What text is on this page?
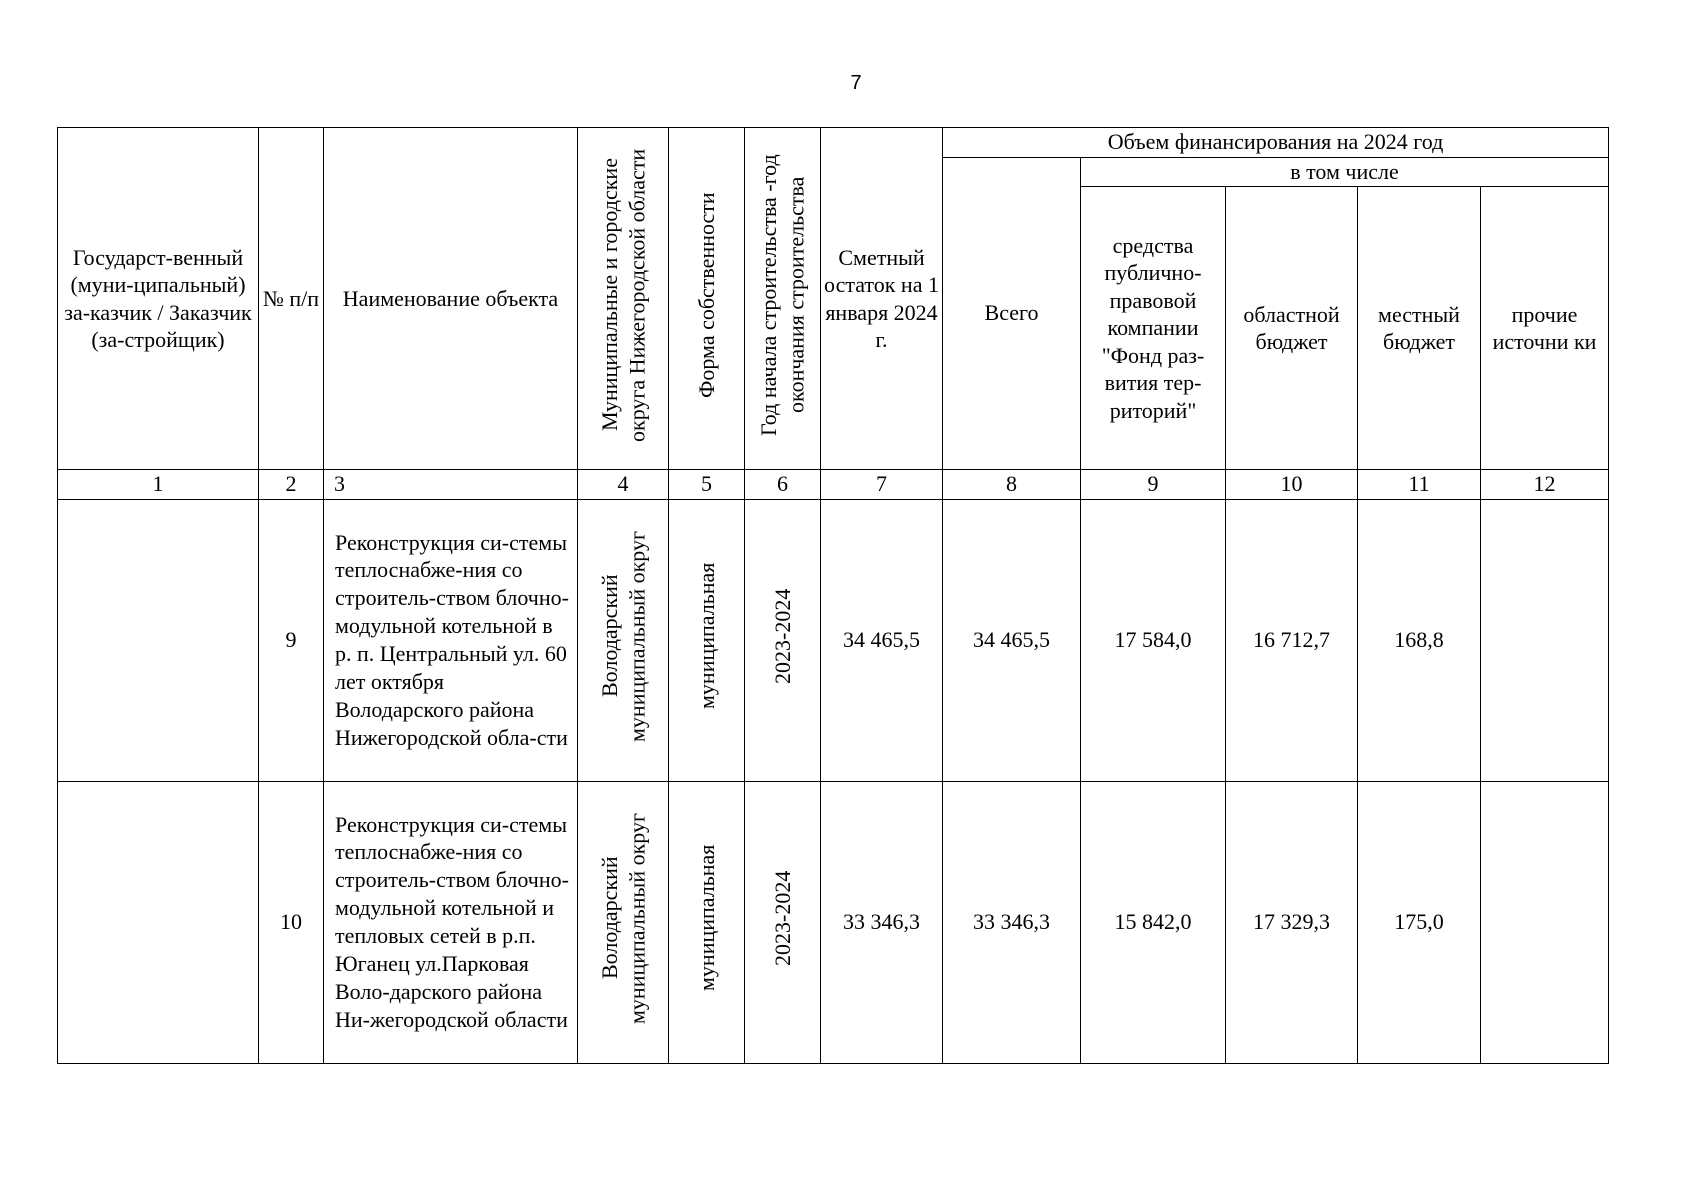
7
Государст-венный (муни-ципальный) за-казчик / Заказчик (за-стройщик)	№ п/п	Наименование объекта	Муниципальные и городские округа Нижегородской области	Форма собственности	Год начала строительства -год окончания строительства	Сметный остаток на 1 января 2024 г.	Объем финансирования на 2024 год				
							Всего	в том числе			
								средства публично-правовой компании "Фонд раз-вития тер-риторий"	областной бюджет	местный бюджет	прочие источни ки
1	2	3	4	5	6	7	8	9	10	11	12
	9	Реконструкция си-стемы теплоснабже-ния со строитель-ством блочно-модульной котельной в р. п. Центральный ул. 60 лет октября Володарского района Нижегородской обла-сти	Володарский муниципальный округ	муниципальная	2023-2024	34 465,5	34 465,5	17 584,0	16 712,7	168,8	
	10	Реконструкция си-стемы теплоснабже-ния со строитель-ством блочно-модульной котельной и тепловых сетей в р.п. Юганец ул.Парковая Воло-дарского района Ни-жегородской области	Володарский муниципальный округ	муниципальная	2023-2024	33 346,3	33 346,3	15 842,0	17 329,3	175,0	
